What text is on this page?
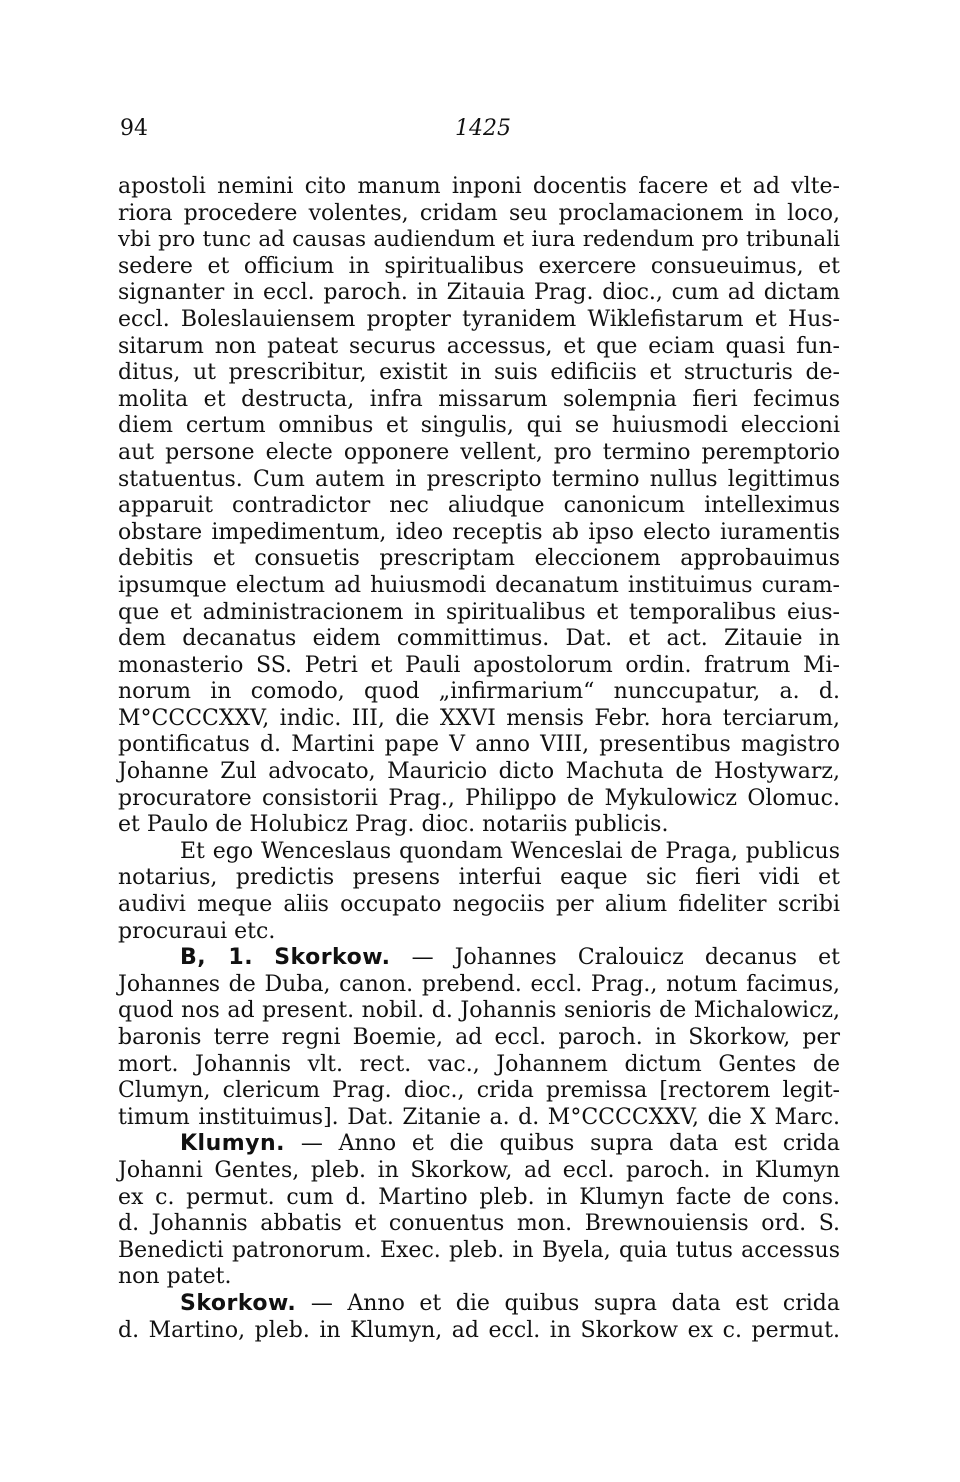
94	1425
apostoli nemini cito manum inponi docentis facere et ad vlte-
riora procedere volentes, cridam seu proclamacionem in loco,
vbi pro tunc ad causas audiendum et iura redendum pro tribunali
sedere et officium in spiritualibus exercere consueuimus, et
signanter in eccl. paroch. in Zitauia Prag. dioc., cum ad dictam
eccl. Boleslauiensem propter tyranidem Wiklefistarum et Hus-
sitarum non pateat securus accessus, et que eciam quasi fun-
ditus, ut prescribitur, existit in suis edificiis et structuris de-
molita et destructa, infra missarum solempnia fieri fecimus
diem certum omnibus et singulis, qui se huiusmodi eleccioni
aut persone electe opponere vellent, pro termino peremptorio
statuentus. Cum autem in prescripto termino nullus legittimus
apparuit contradictor nec aliudque canonicum intelleximus
obstare impedimentum, ideo receptis ab ipso electo iuramentis
debitis et consuetis prescriptam eleccionem approbauimus
ipsumque electum ad huiusmodi decanatum instituimus curam-
que et administracionem in spiritualibus et temporalibus eius-
dem decanatus eidem committimus. Dat. et act. Zitauie in
monasterio SS. Petri et Pauli apostolorum ordin. fratrum Mi-
norum in comodo, quod „infirmarium“ nunccupatur, a. d.
M°CCCCXXV, indic. III, die XXVI mensis Febr. hora terciarum,
pontificatus d. Martini pape V anno VIII, presentibus magistro
Johanne Zul advocato, Mauricio dicto Machuta de Hostywarz,
procuratore consistorii Prag., Philippo de Mykulowicz Olomuc.
et Paulo de Holubicz Prag. dioc. notariis publicis.
Et ego Wenceslaus quondam Wenceslai de Praga, publicus
notarius, predictis presens interfui eaque sic fieri vidi et
audivi meque aliis occupato negociis per alium fideliter scribi
procuraui etc.
B, 1. Skorkow. — Johannes Cralouicz decanus et
Johannes de Duba, canon. prebend. eccl. Prag., notum facimus,
quod nos ad present. nobil. d. Johannis senioris de Michalowicz,
baronis terre regni Boemie, ad eccl. paroch. in Skorkow, per
mort. Johannis vlt. rect. vac., Johannem dictum Gentes de
Clumyn, clericum Prag. dioc., crida premissa [rectorem legit-
timum instituimus]. Dat. Zitanie a. d. M°CCCCXXV, die X Marc.
Klumyn. — Anno et die quibus supra data est crida
Johanni Gentes, pleb. in Skorkow, ad eccl. paroch. in Klumyn
ex c. permut. cum d. Martino pleb. in Klumyn facte de cons.
d. Johannis abbatis et conuentus mon. Brewnouiensis ord. S.
Benedicti patronorum. Exec. pleb. in Byela, quia tutus accessus
non patet.
Skorkow. — Anno et die quibus supra data est crida
d. Martino, pleb. in Klumyn, ad eccl. in Skorkow ex c. permut.
